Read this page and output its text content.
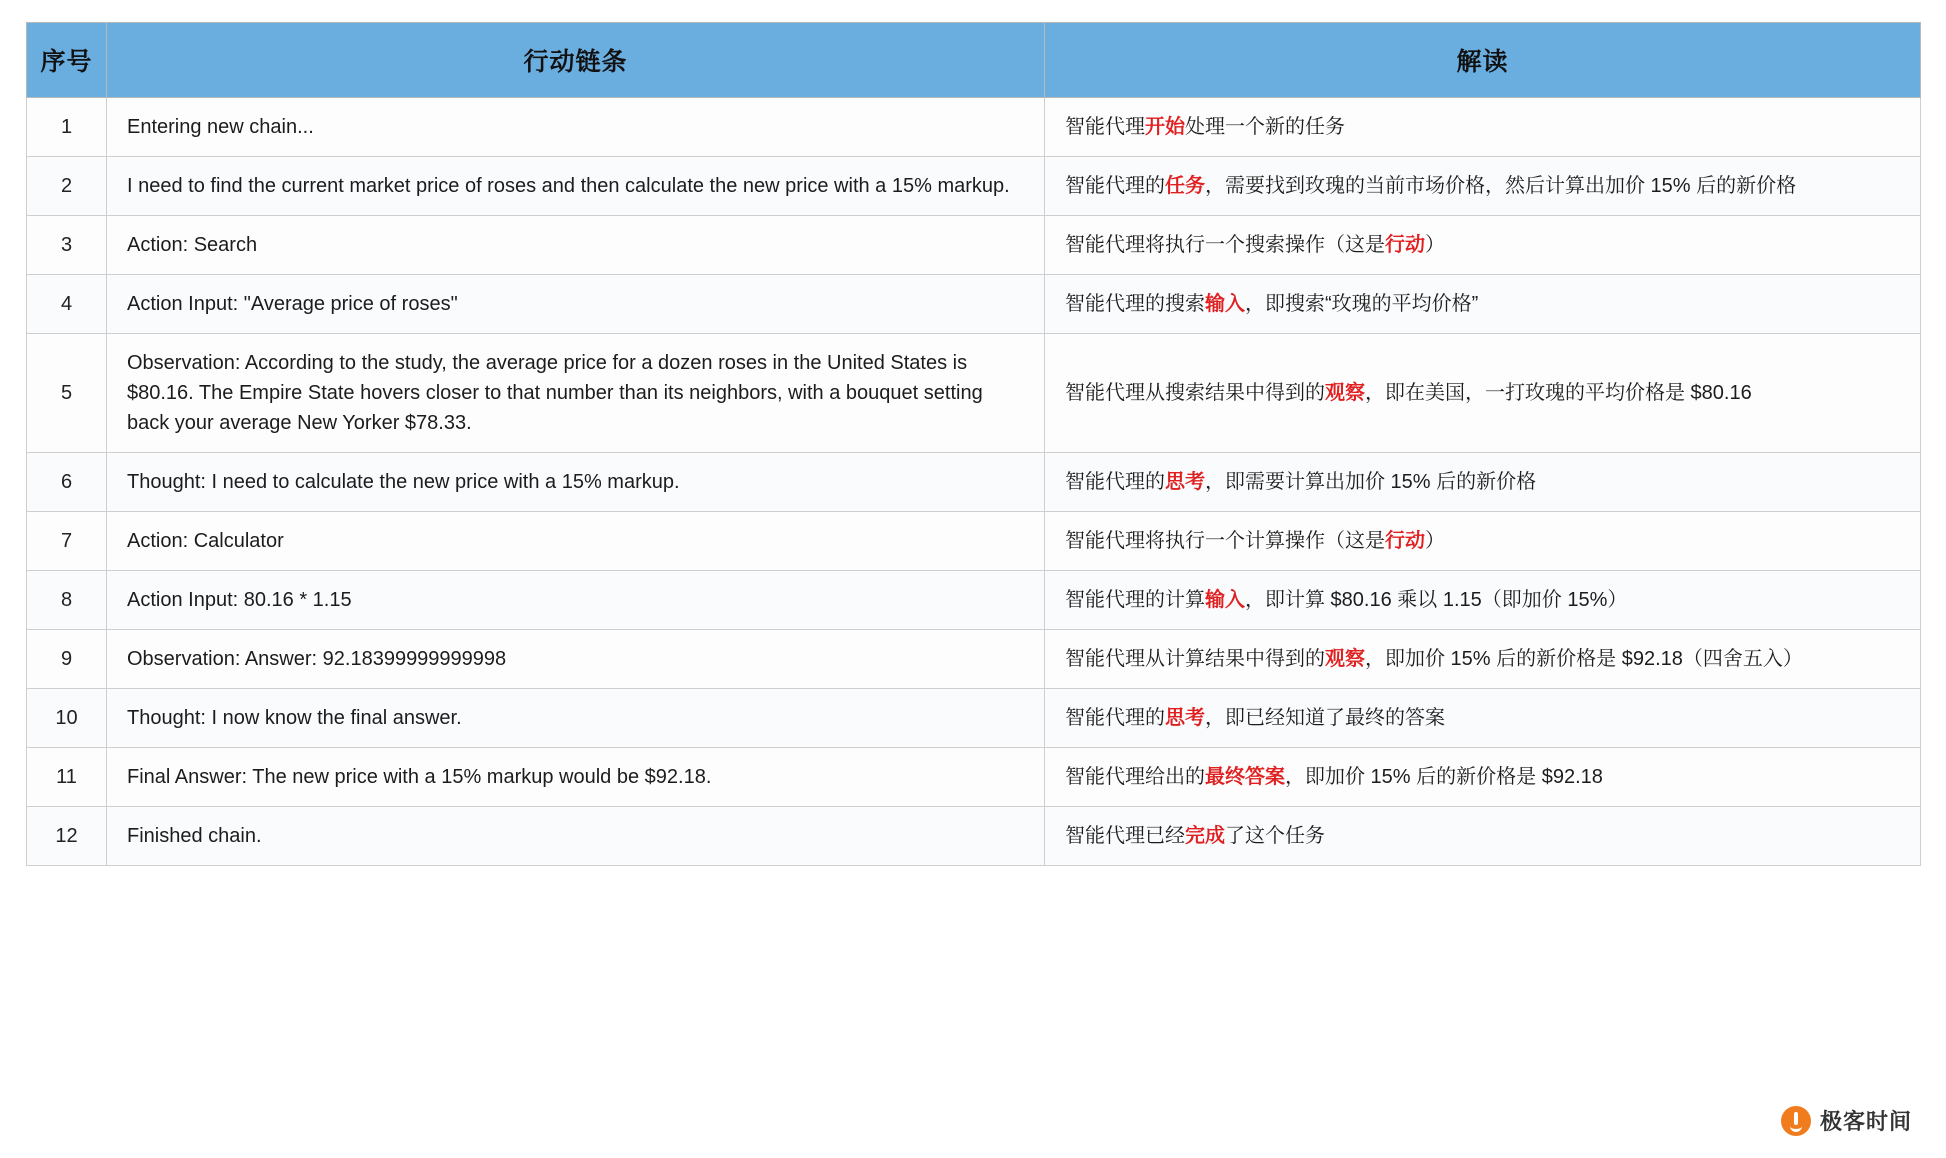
序号	行动链条	解读
1	Entering new chain...	智能代理开始处理一个新的任务
2	I need to find the current market price of roses and then calculate the new price with a 15% markup.	智能代理的任务，需要找到玫瑰的当前市场价格，然后计算出加价 15% 后的新价格
3	Action: Search	智能代理将执行一个搜索操作（这是行动）
4	Action Input: "Average price of roses"	智能代理的搜索输入，即搜索“玫瑰的平均价格”
5	Observation: According to the study, the average price for a dozen roses in the United States is $80.16. The Empire State hovers closer to that number than its neighbors, with a bouquet setting back your average New Yorker $78.33.	智能代理从搜索结果中得到的观察，即在美国，一打玫瑰的平均价格是 $80.16
6	Thought: I need to calculate the new price with a 15% markup.	智能代理的思考，即需要计算出加价 15% 后的新价格
7	Action: Calculator	智能代理将执行一个计算操作（这是行动）
8	Action Input: 80.16 * 1.15	智能代理的计算输入，即计算 $80.16 乘以 1.15（即加价 15%）
9	Observation: Answer: 92.18399999999998	智能代理从计算结果中得到的观察，即加价 15% 后的新价格是 $92.18（四舍五入）
10	Thought: I now know the final answer.	智能代理的思考，即已经知道了最终的答案
11	Final Answer: The new price with a 15% markup would be $92.18.	智能代理给出的最终答案，即加价 15% 后的新价格是 $92.18
12	Finished chain.	智能代理已经完成了这个任务
极客时间
